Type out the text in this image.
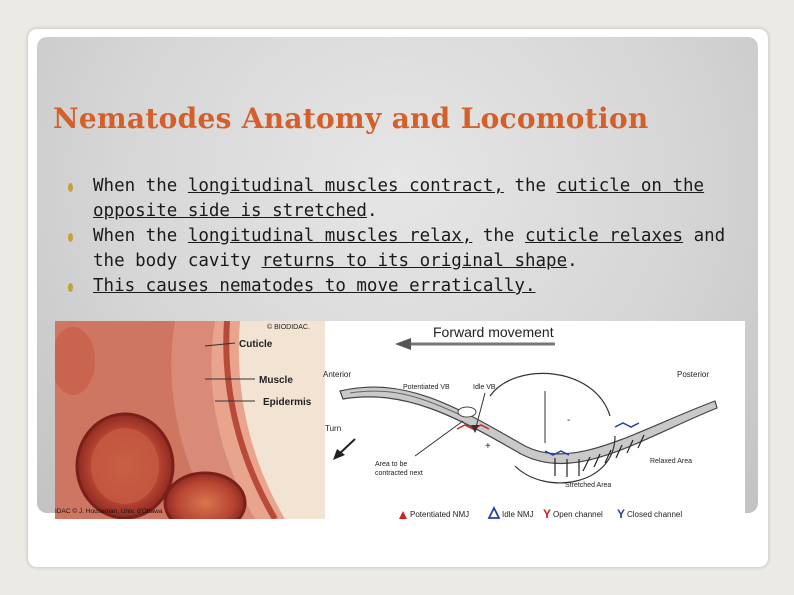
Nematodes Anatomy and Locomotion
When the longitudinal muscles contract, the cuticle on the opposite side is stretched.
When the longitudinal muscles relax, the cuticle relaxes and the body cavity returns to its original shape.
This causes nematodes to move erratically.
© BIODIDAC.
Cuticle
Muscle
Epidermis
IDAC © J. Houseman, Univ. d'Ottawa
Forward movement
Anterior	Posterior
Potentiated VB	Idle VB
-
+
Turn
Area to be
contracted next
Relaxed Area
Stretched Area
Potentiated NMJ	Idle NMJ Y Open channel Y Closed channel
